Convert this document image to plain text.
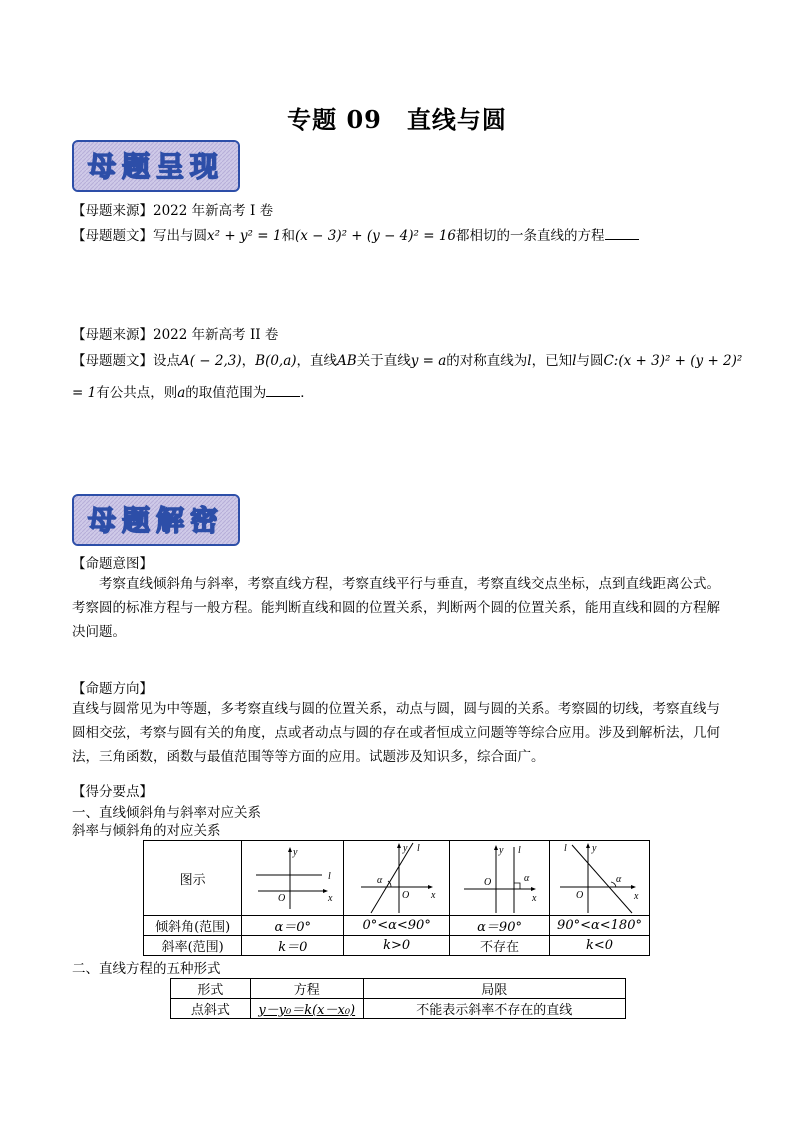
专题 09　直线与圆
母题呈现
【母题来源】2022 年新高考 I 卷
【母题题文】写出与圆x² + y² = 1和(x − 3)² + (y − 4)² = 16都相切的一条直线的方程
【母题来源】2022 年新高考 II 卷
【母题题文】设点A( − 2,3)，B(0,a)，直线AB关于直线y = a的对称直线为l，已知l与圆C:(x + 3)² + (y + 2)²
= 1有公共点，则a的取值范围为	．
母题解密
【命题意图】
考察直线倾斜角与斜率，考察直线方程，考察直线平行与垂直，考察直线交点坐标，点到直线距离公式。考察圆的标准方程与一般方程。能判断直线和圆的位置关系，判断两个圆的位置关系，能用直线和圆的方程解决问题。
【命题方向】
直线与圆常见为中等题，多考察直线与圆的位置关系，动点与圆，圆与圆的关系。考察圆的切线，考察直线与圆相交弦，考察与圆有关的角度，点或者动点与圆的存在或者恒成立问题等等综合应用。涉及到解析法，几何法，三角函数，函数与最值范围等等方面的应用。试题涉及知识多，综合面广。
【得分要点】
一、直线倾斜角与斜率对应关系
斜率与倾斜角的对应关系
图示	y
l
O x	α
y l
O x	y l
α
O
x	α
y
l
O x

倾斜角(范围)	α＝0°	0°<α<90°	α＝90°	90°<α<180°
斜率(范围)	k＝0	k>0	不存在	k<0
二、直线方程的五种形式
形式	方程	局限
点斜式	y－y₀＝k(x－x₀)	不能表示斜率不存在的直线
